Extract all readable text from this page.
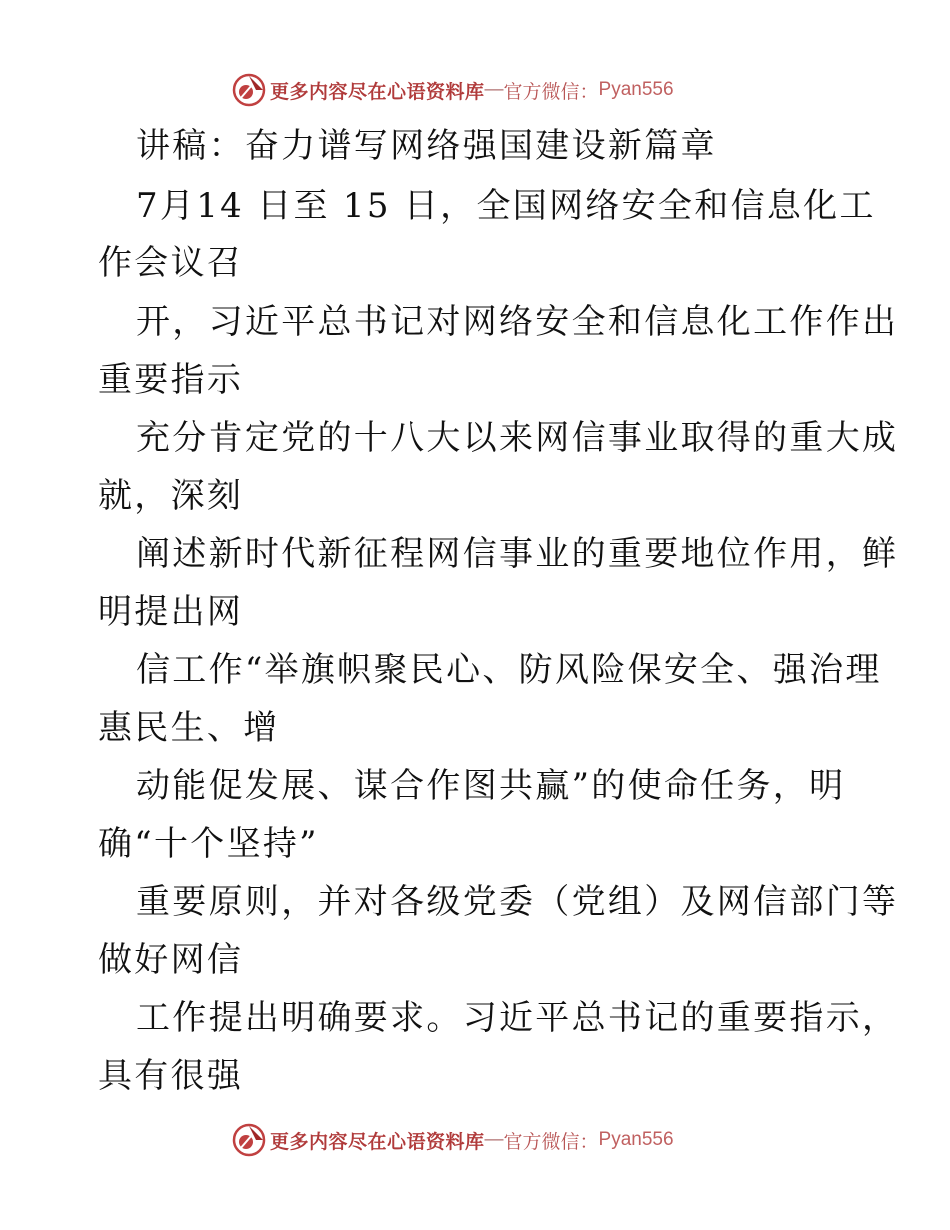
更多内容尽在心语资料库 — 官方微信： Pyan556
讲稿：奋力谱写网络强国建设新篇章
7月14 日至 15 日，全国网络安全和信息化工
作会议召
开，习近平总书记对网络安全和信息化工作作出
重要指示
充分肯定党的十八大以来网信事业取得的重大成
就，深刻
阐述新时代新征程网信事业的重要地位作用，鲜
明提出网
信工作“举旗帜聚民心、防风险保安全、强治理
惠民生、增
动能促发展、谋合作图共赢”的使命任务，明
确“十个坚持”
重要原则，并对各级党委（党组）及网信部门等
做好网信
工作提出明确要求。习近平总书记的重要指示，
具有很强
更多内容尽在心语资料库 — 官方微信： Pyan556
